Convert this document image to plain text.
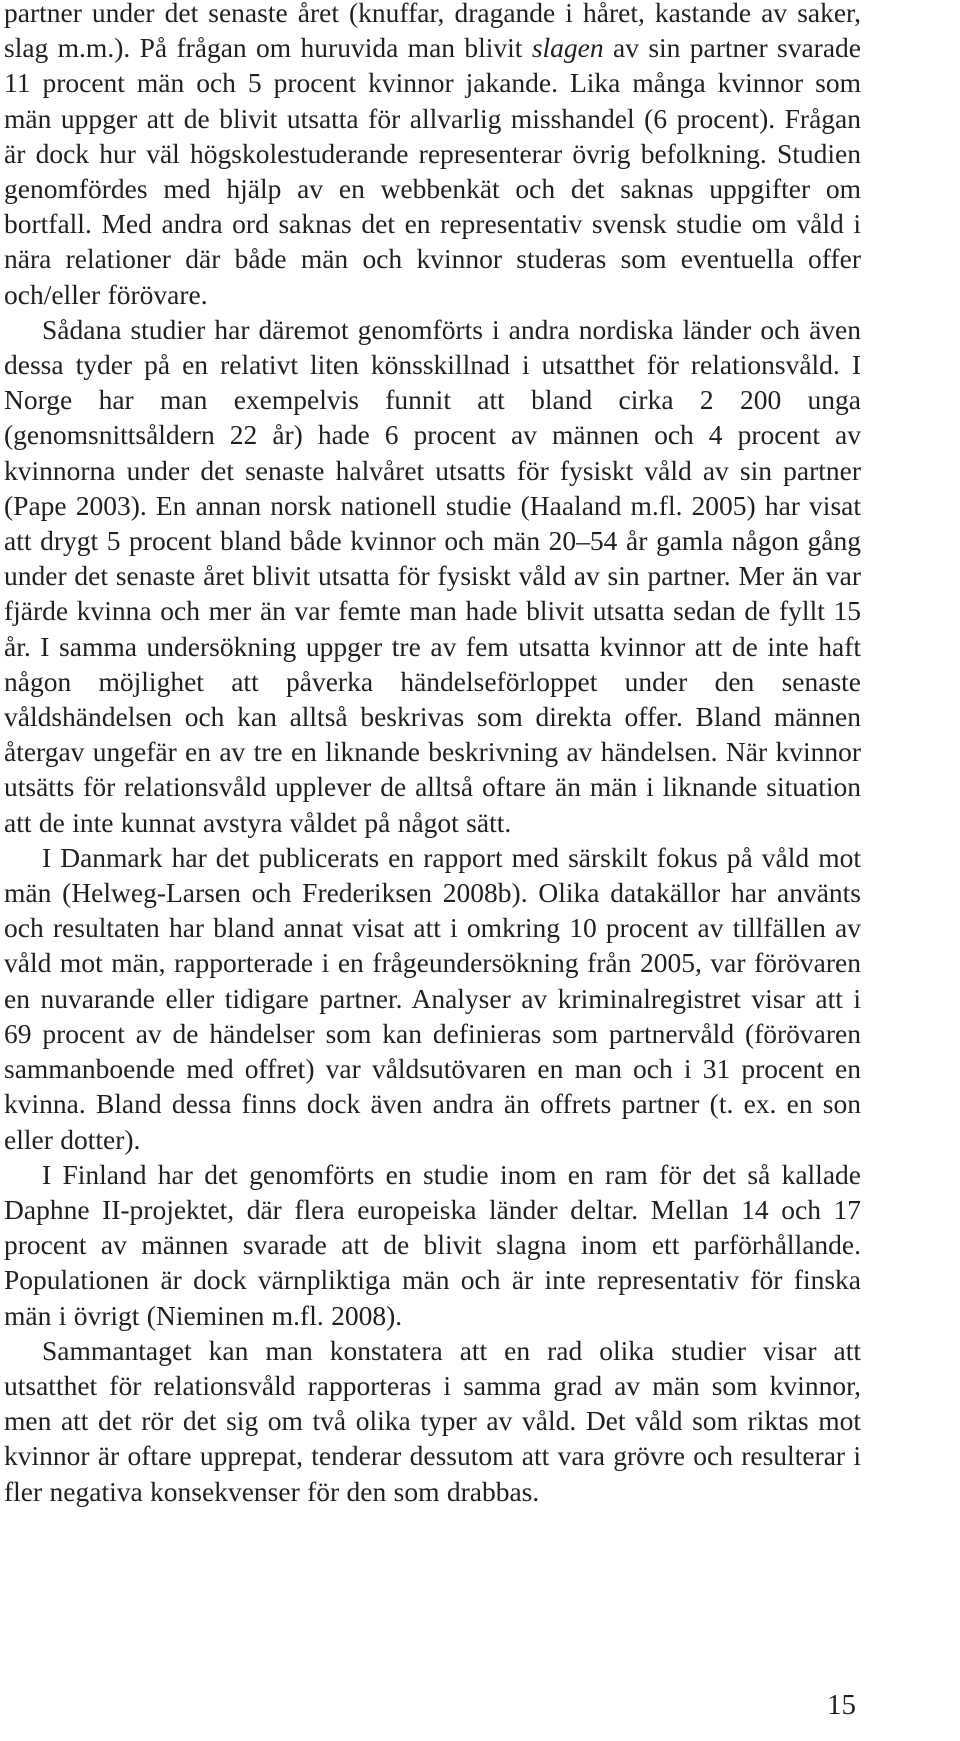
partner under det senaste året (knuffar, dragande i håret, kastande av saker, slag m.m.). På frågan om huruvida man blivit slagen av sin partner svarade 11 procent män och 5 procent kvinnor jakande. Lika många kvinnor som män uppger att de blivit utsatta för allvarlig misshandel (6 procent). Frågan är dock hur väl högskolestuderande representerar övrig befolkning. Studien genomfördes med hjälp av en webbenkät och det saknas uppgifter om bortfall. Med andra ord saknas det en representativ svensk studie om våld i nära relationer där både män och kvinnor studeras som eventuella offer och/eller förövare.

Sådana studier har däremot genomförts i andra nordiska länder och även dessa tyder på en relativt liten könsskillnad i utsatthet för relationsvåld. I Norge har man exempelvis funnit att bland cirka 2 200 unga (genomsnittsåldern 22 år) hade 6 procent av männen och 4 procent av kvinnorna under det senaste halvåret utsatts för fysiskt våld av sin partner (Pape 2003). En annan norsk nationell studie (Haaland m.fl. 2005) har visat att drygt 5 procent bland både kvinnor och män 20–54 år gamla någon gång under det senaste året blivit utsatta för fysiskt våld av sin partner. Mer än var fjärde kvinna och mer än var femte man hade blivit utsatta sedan de fyllt 15 år. I samma undersökning uppger tre av fem utsatta kvinnor att de inte haft någon möjlighet att påverka händelseförloppet under den senaste våldshändelsen och kan alltså beskrivas som direkta offer. Bland männen återgav ungefär en av tre en liknande beskrivning av händelsen. När kvinnor utsätts för relationsvåld upplever de alltså oftare än män i liknande situation att de inte kunnat avstyra våldet på något sätt.

I Danmark har det publicerats en rapport med särskilt fokus på våld mot män (Helweg-Larsen och Frederiksen 2008b). Olika datakällor har använts och resultaten har bland annat visat att i omkring 10 procent av tillfällen av våld mot män, rapporterade i en frågeundersökning från 2005, var förövaren en nuvarande eller tidigare partner. Analyser av kriminalregistret visar att i 69 procent av de händelser som kan definieras som partnervåld (förövaren sammanboende med offret) var våldsutövaren en man och i 31 procent en kvinna. Bland dessa finns dock även andra än offrets partner (t. ex. en son eller dotter).

I Finland har det genomförts en studie inom en ram för det så kallade Daphne II-projektet, där flera europeiska länder deltar. Mellan 14 och 17 procent av männen svarade att de blivit slagna inom ett parförhållande. Populationen är dock värnpliktiga män och är inte representativ för finska män i övrigt (Nieminen m.fl. 2008).

Sammantaget kan man konstatera att en rad olika studier visar att utsatthet för relationsvåld rapporteras i samma grad av män som kvinnor, men att det rör det sig om två olika typer av våld. Det våld som riktas mot kvinnor är oftare upprepat, tenderar dessutom att vara grövre och resulterar i fler negativa konsekvenser för den som drabbas.

15
